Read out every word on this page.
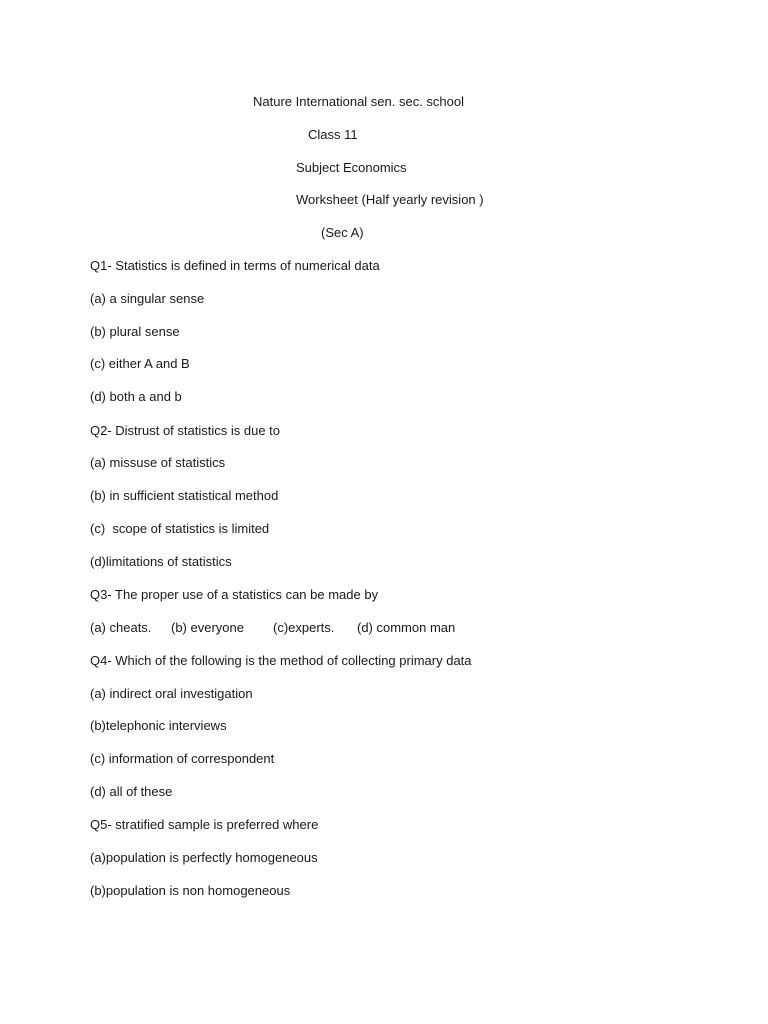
Nature International sen. sec. school
Class 11
Subject Economics
Worksheet (Half yearly revision )
(Sec A)
Q1- Statistics is defined in terms of numerical data
(a) a singular sense
(b) plural sense
(c) either A and B
(d) both a and b
Q2- Distrust of statistics is due to
(a) missuse of statistics
(b) in sufficient statistical method
(c)  scope of statistics is limited
(d)limitations of statistics
Q3- The proper use of a statistics can be made by
(a) cheats. (b) everyone (c)experts. (d) common man
Q4- Which of the following is the method of collecting primary data
(a) indirect oral investigation
(b)telephonic interviews
(c) information of correspondent
(d) all of these
Q5- stratified sample is preferred where
(a)population is perfectly homogeneous
(b)population is non homogeneous
